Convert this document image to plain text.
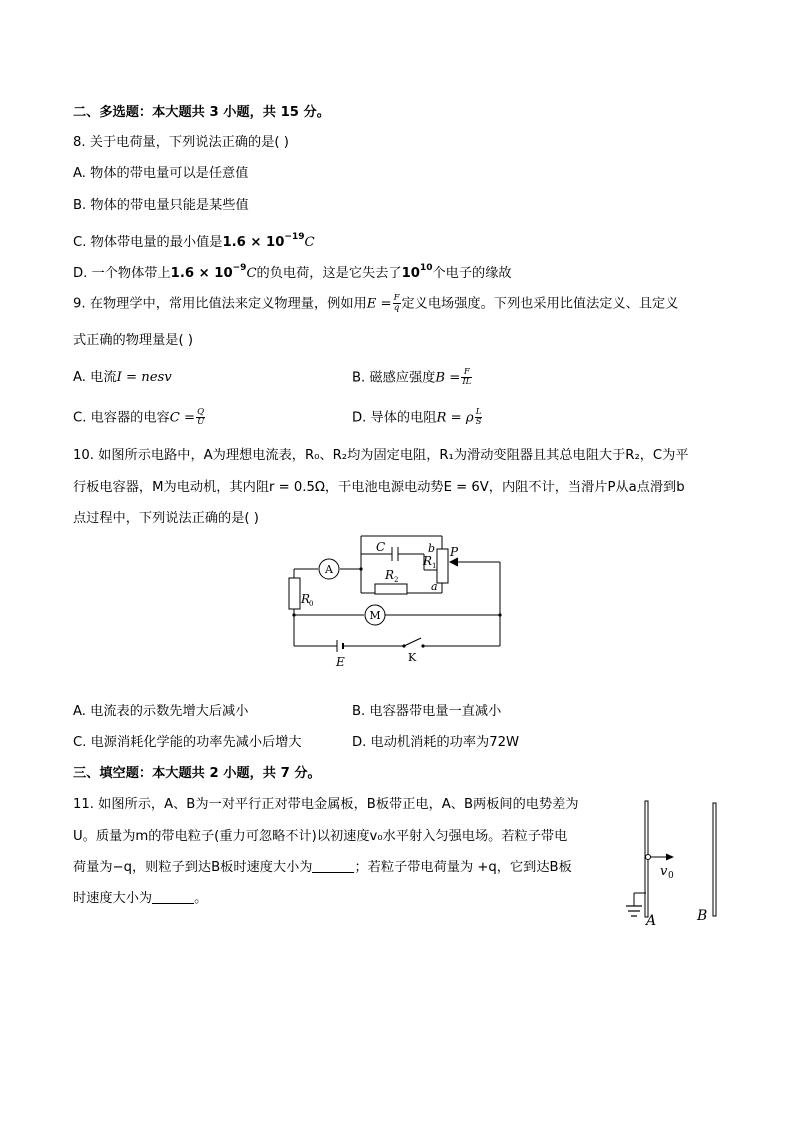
二、多选题：本大题共 3 小题，共 15 分。
8. 关于电荷量，下列说法正确的是( )
A. 物体的带电量可以是任意值
B. 物体的带电量只能是某些值
C. 物体带电量的最小值是$1.6 \times 10^{-19}C$
D. 一个物体带上$1.6 \times 10^{-9}C$的负电荷，这是它失去了$10^{10}$个电子的缘故
9. 在物理学中，常用比值法来定义物理量，例如用$E = \frac{F}{q}$ 定义电场强度。下列也采用比值法定义、且定义
式正确的物理量是( )
A. 电流I = nesv	B. 磁感应强度$B = \frac{F}{IL}$
C. 电容器的电容$C = \frac{Q}{U}$	D. 导体的电阻R = ρ $\frac{L}{S}$
10. 如图所示电路中，A为理想电流表，R₀、R₂均为固定电阻，R₁为滑动变阻器且其总电阻大于R₂，C为平
行板电容器，M为电动机，其内阻r = 0.5Ω，干电池电源电动势E = 6V，内阻不计，当滑片P从a点滑到b
点过程中，下列说法正确的是( )
A
M
C
R 2
R 1
P
b
a
R
0
E	K
A. 电流表的示数先增大后减小	B. 电容器带电量一直减小
C. 电源消耗化学能的功率先减小后增大	D. 电动机消耗的功率为72W
三、填空题：本大题共 2 小题，共 7 分。
11. 如图所示，A、B为一对平行正对带电金属板，B板带正电，A、B两板间的电势差为
U。质量为m的带电粒子(重力可忽略不计)以初速度v₀水平射入匀强电场。若粒子带电
荷量为−q，则粒子到达B板时速度大小为	；若粒子带电荷量为 +q，它到达B板
时速度大小为	。
v 0
A	B
